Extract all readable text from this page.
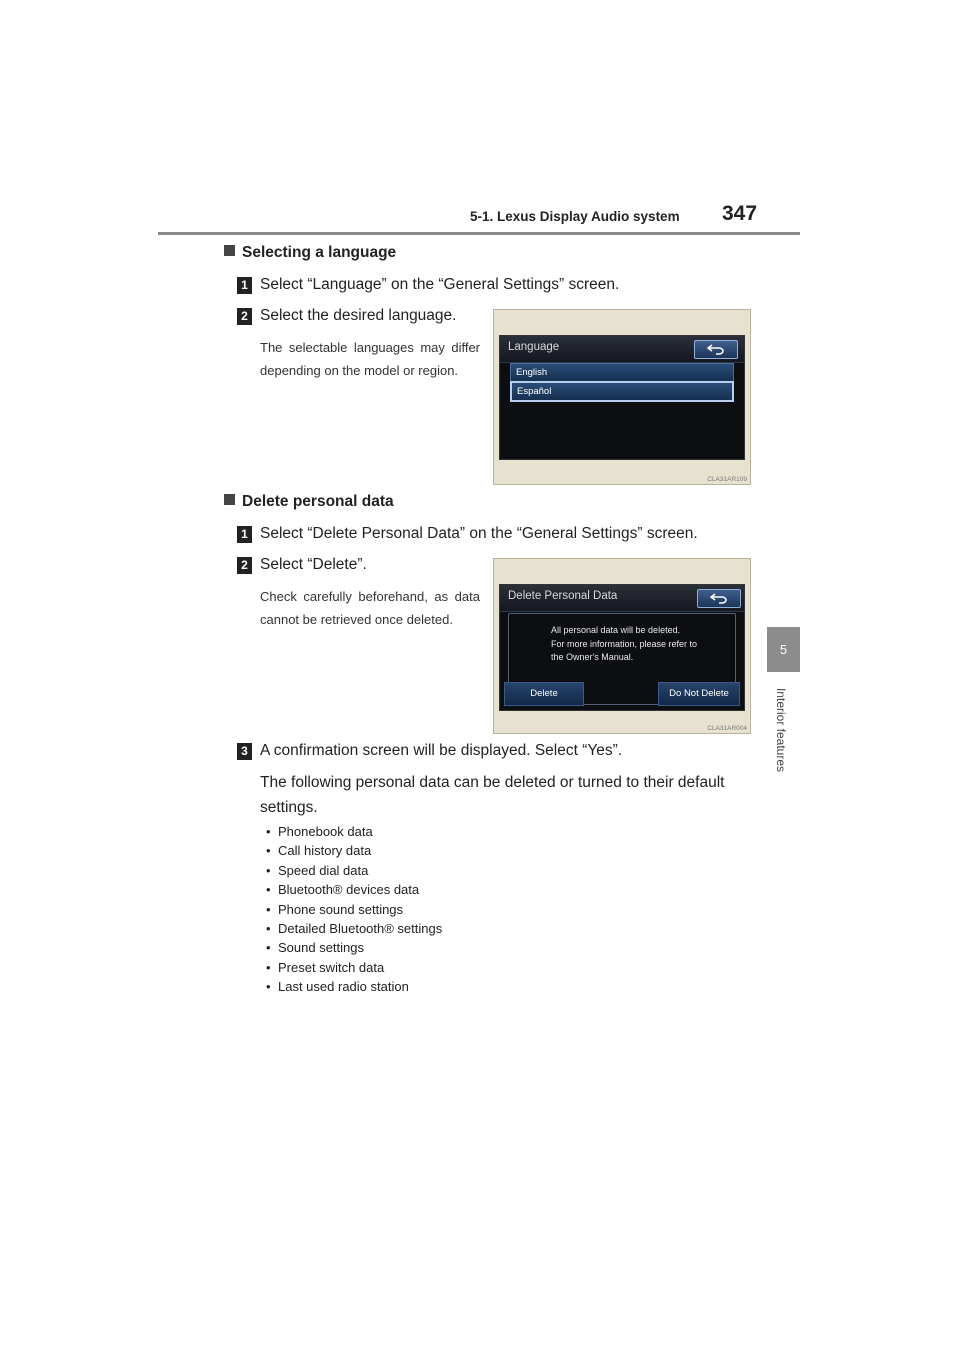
5-1. Lexus Display Audio system 347
5
Interior features
Selecting a language
1 Select “Language” on the “General Settings” screen.
2 Select the desired language.
The selectable languages may differ depending on the model or region.
Language
English
Español
CLA31AR109
Delete personal data
1 Select “Delete Personal Data” on the “General Settings” screen.
2 Select “Delete”.
Check carefully beforehand, as data cannot be retrieved once deleted.
Delete Personal Data
All personal data will be deleted.
For more information, please refer to
the Owner's Manual.
Delete	Do Not Delete
CLA31AR004
3 A confirmation screen will be displayed. Select “Yes”.
The following personal data can be deleted or turned to their default settings.
• Phonebook data
• Call history data
• Speed dial data
• Bluetooth® devices data
• Phone sound settings
• Detailed Bluetooth® settings
• Sound settings
• Preset switch data
• Last used radio station
